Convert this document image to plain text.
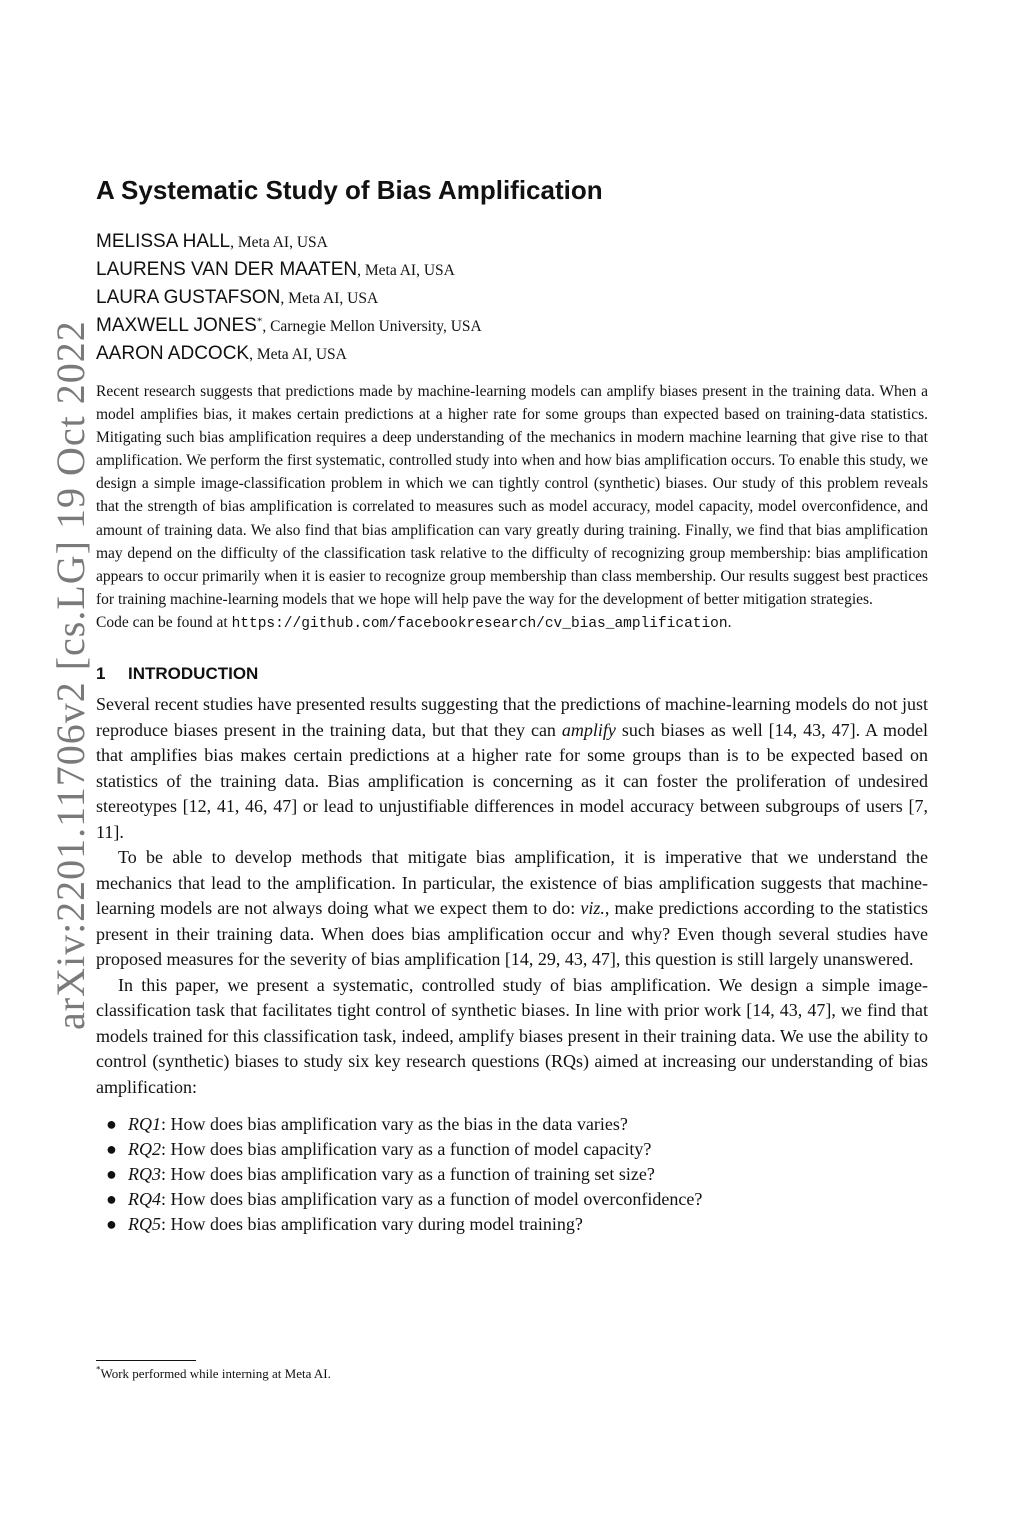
arXiv:2201.11706v2 [cs.LG] 19 Oct 2022
A Systematic Study of Bias Amplification
MELISSA HALL, Meta AI, USA
LAURENS VAN DER MAATEN, Meta AI, USA
LAURA GUSTAFSON, Meta AI, USA
MAXWELL JONES*, Carnegie Mellon University, USA
AARON ADCOCK, Meta AI, USA

Recent research suggests that predictions made by machine-learning models can amplify biases present in the training data. When a model amplifies bias, it makes certain predictions at a higher rate for some groups than expected based on training-data statistics. Mitigating such bias amplification requires a deep understanding of the mechanics in modern machine learning that give rise to that amplification. We perform the first systematic, controlled study into when and how bias amplification occurs. To enable this study, we design a simple image-classification problem in which we can tightly control (synthetic) biases. Our study of this problem reveals that the strength of bias amplification is correlated to measures such as model accuracy, model capacity, model overconfidence, and amount of training data. We also find that bias amplification can vary greatly during training. Finally, we find that bias amplification may depend on the difficulty of the classification task relative to the difficulty of recognizing group membership: bias amplification appears to occur primarily when it is easier to recognize group membership than class membership. Our results suggest best practices for training machine-learning models that we hope will help pave the way for the development of better mitigation strategies.

Code can be found at https://github.com/facebookresearch/cv_bias_amplification.

1 INTRODUCTION

Several recent studies have presented results suggesting that the predictions of machine-learning models do not just reproduce biases present in the training data, but that they can amplify such biases as well [14, 43, 47]. A model that amplifies bias makes certain predictions at a higher rate for some groups than is to be expected based on statistics of the training data. Bias amplification is concerning as it can foster the proliferation of undesired stereotypes [12, 41, 46, 47] or lead to unjustifiable differences in model accuracy between subgroups of users [7, 11].

To be able to develop methods that mitigate bias amplification, it is imperative that we understand the mechanics that lead to the amplification. In particular, the existence of bias amplification suggests that machine-learning models are not always doing what we expect them to do: viz., make predictions according to the statistics present in their training data. When does bias amplification occur and why? Even though several studies have proposed measures for the severity of bias amplification [14, 29, 43, 47], this question is still largely unanswered.

In this paper, we present a systematic, controlled study of bias amplification. We design a simple image-classification task that facilitates tight control of synthetic biases. In line with prior work [14, 43, 47], we find that models trained for this classification task, indeed, amplify biases present in their training data. We use the ability to control (synthetic) biases to study six key research questions (RQs) aimed at increasing our understanding of bias amplification:

● RQ1: How does bias amplification vary as the bias in the data varies?
● RQ2: How does bias amplification vary as a function of model capacity?
● RQ3: How does bias amplification vary as a function of training set size?
● RQ4: How does bias amplification vary as a function of model overconfidence?
● RQ5: How does bias amplification vary during model training?
*Work performed while interning at Meta AI.
